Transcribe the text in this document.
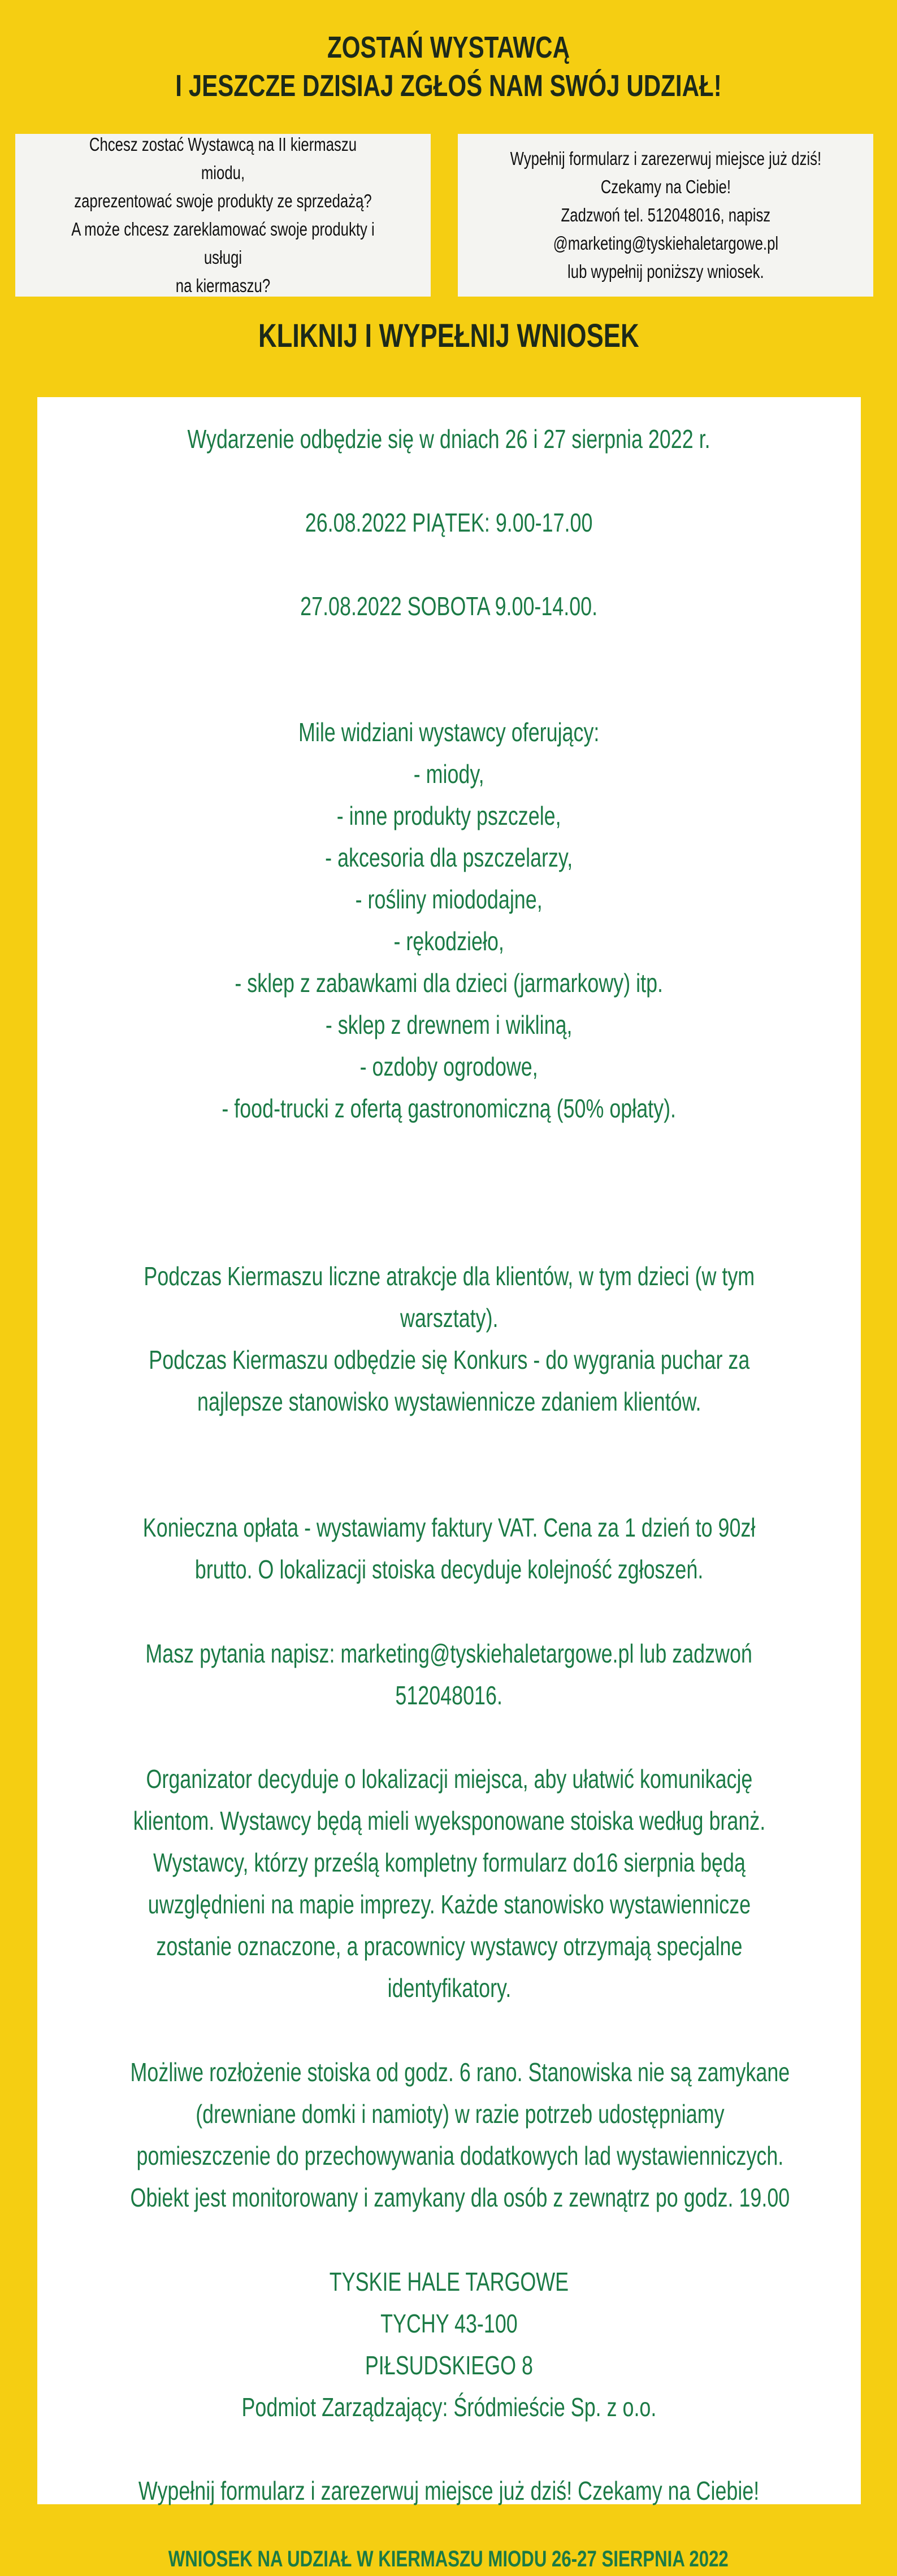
ZOSTAŃ WYSTAWCĄ
I JESZCZE DZISIAJ ZGŁOŚ NAM SWÓJ UDZIAŁ!
Chcesz zostać Wystawcą na II kiermaszu miodu,
zaprezentować swoje produkty ze sprzedażą?
A może chcesz zareklamować swoje produkty i usługi
na kiermaszu?
Wypełnij formularz i zarezerwuj miejsce już dziś!
Czekamy na Ciebie!
Zadzwoń tel. 512048016, napisz
@marketing@tyskiehaletargowe.pl
lub wypełnij poniższy wniosek.
KLIKNIJ I WYPEŁNIJ WNIOSEK
Wydarzenie odbędzie się w dniach 26 i 27 sierpnia 2022 r.
26.08.2022 PIĄTEK: 9.00-17.00
27.08.2022 SOBOTA 9.00-14.00.
Mile widziani wystawcy oferujący:
- miody,
- inne produkty pszczele,
- akcesoria dla pszczelarzy,
- rośliny miododajne,
- rękodzieło,
- sklep z zabawkami dla dzieci (jarmarkowy) itp.
- sklep z drewnem i wikliną,
- ozdoby ogrodowe,
- food-trucki z ofertą gastronomiczną (50% opłaty).
Podczas Kiermaszu liczne atrakcje dla klientów, w tym dzieci (w tym
warsztaty).
Podczas Kiermaszu odbędzie się Konkurs - do wygrania puchar za
najlepsze stanowisko wystawiennicze zdaniem klientów.
Konieczna opłata - wystawiamy faktury VAT. Cena za 1 dzień to 90zł
brutto. O lokalizacji stoiska decyduje kolejność zgłoszeń.
Masz pytania napisz: marketing@tyskiehaletargowe.pl lub zadzwoń
512048016.
Organizator decyduje o lokalizacji miejsca, aby ułatwić komunikację
klientom. Wystawcy będą mieli wyeksponowane stoiska według branż.
Wystawcy, którzy prześlą kompletny formularz do16 sierpnia będą
uwzględnieni na mapie imprezy. Każde stanowisko wystawiennicze
zostanie oznaczone, a pracownicy wystawcy otrzymają specjalne
identyfikatory.
Możliwe rozłożenie stoiska od godz. 6 rano. Stanowiska nie są zamykane
(drewniane domki i namioty) w razie potrzeb udostępniamy
pomieszczenie do przechowywania dodatkowych lad wystawienniczych.
Obiekt jest monitorowany i zamykany dla osób z zewnątrz po godz. 19.00
TYSKIE HALE TARGOWE
TYCHY 43-100
PIŁSUDSKIEGO 8
Podmiot Zarządzający: Śródmieście Sp. z o.o.
Wypełnij formularz i zarezerwuj miejsce już dziś! Czekamy na Ciebie!
WNIOSEK NA UDZIAŁ W KIERMASZU MIODU 26-27 SIERPNIA 2022
